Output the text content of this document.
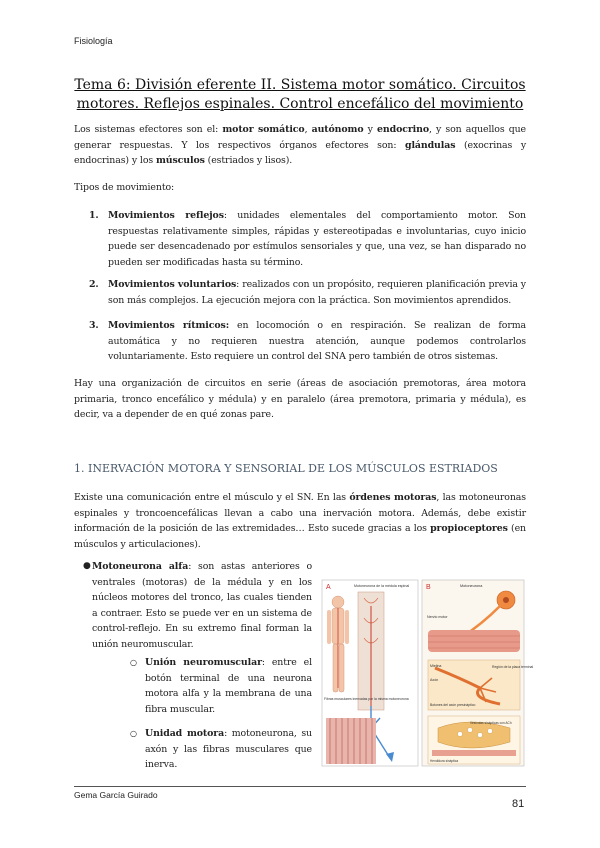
Fisiología
Tema 6: División eferente II. Sistema motor somático. Circuitos motores. Reflejos espinales. Control encefálico del movimiento
Los sistemas efectores son el: motor somático, autónomo y endocrino, y son aquellos que generar respuestas. Y los respectivos órganos efectores son: glándulas (exocrinas y endocrinas) y los músculos (estriados y lisos).
Tipos de movimiento:
1. Movimientos reflejos: unidades elementales del comportamiento motor. Son respuestas relativamente simples, rápidas y estereotipadas e involuntarias, cuyo inicio puede ser desencadenado por estímulos sensoriales y que, una vez, se han disparado no pueden ser modificadas hasta su término.
2. Movimientos voluntarios: realizados con un propósito, requieren planificación previa y son más complejos. La ejecución mejora con la práctica. Son movimientos aprendidos.
3. Movimientos rítmicos: en locomoción o en respiración. Se realizan de forma automática y no requieren nuestra atención, aunque podemos controlarlos voluntariamente. Esto requiere un control del SNA pero también de otros sistemas.
Hay una organización de circuitos en serie (áreas de asociación premotoras, área motora primaria, tronco encefálico y médula) y en paralelo (área premotora, primaria y médula), es decir, va a depender de en qué zonas pare.
1. INERVACIÓN MOTORA Y SENSORIAL DE LOS MÚSCULOS ESTRIADOS
Existe una comunicación entre el músculo y el SN. En las órdenes motoras, las motoneuronas espinales y troncoencefálicas llevan a cabo una inervación motora. Además, debe existir información de la posición de las extremidades… Esto sucede gracias a los propioceptores (en músculos y articulaciones).
● Motoneurona alfa: son astas anteriores o ventrales (motoras) de la médula y en los núcleos motores del tronco, las cuales tienden a contraer. Esto se puede ver en un sistema de control-reflejo. En su extremo final forman la unión neuromuscular.
○ Unión neuromuscular: entre el botón terminal de una neurona motora alfa y la membrana de una fibra muscular.
○ Unidad motora: motoneurona, su axón y las fibras musculares que inerva.
A	Motoneurona de la médula espinal
Fibras musculares inervadas por la misma motoneurona
B	Motoneurona
Nervio motor
Mielina
Axón
Región de la placa terminal
Botones del axón presináptico
Vesículas sinápticas con ACh
Hendidura sináptica
Gema García Guirado
81
